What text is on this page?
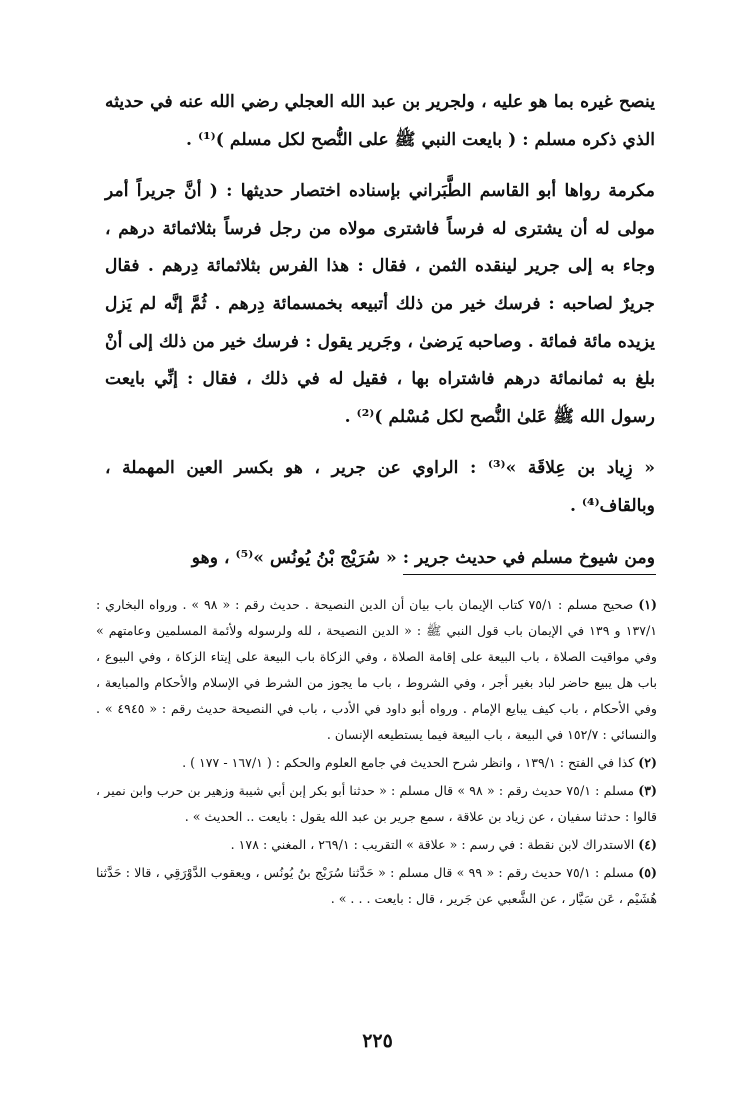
ينصح غيره بما هو عليه ، ولجرير بن عبد الله العجلي رضي الله عنه في حديثه الذي ذكره مسلم : ( بايعت النبي ﷺ على النُّصح لكل مسلم )⁽¹⁾ .

مكرمة رواها أبو القاسم الطَّبَراني بإسناده اختصار حديثها : ( أنَّ جريراً أمر مولى له أن يشترى له فرساً فاشترى مولاه من رجل فرساً بثلاثمائة درهم ، وجاء به إلى جرير لينقده الثمن ، فقال : هذا الفرس بثلاثمائة دِرهم . فقال جريرٌ لصاحبه : فرسك خير من ذلك أتبيعه بخمسمائة دِرهم . ثُمَّ إنَّه لم يَزل يزيده مائة فمائة . وصاحبه يَرضىٰ ، وجَرير يقول : فرسك خير من ذلك إلى أنْ بلغ به ثمانمائة درهم فاشتراه بها ، فقيل له في ذلك ، فقال : إنِّي بايعت رسول الله ﷺ عَلىٰ النُّصح لكل مُسْلم )⁽²⁾ .

« زِياد بن عِلاقَة »⁽³⁾ : الراوي عن جرير ، هو بكسر العين المهملة ، وبالقاف⁽⁴⁾ .

ومن شيوخ مسلم في حديث جرير : « سُرَيْج بْنُ يُونُس »⁽⁵⁾ ، وهو

(١) صحيح مسلم : ٧٥/١ كتاب الإيمان باب بيان أن الدين النصيحة . حديث رقم : « ٩٨ » . ورواه البخاري : ١٣٧/١ و ١٣٩ في الإيمان باب قول النبي ﷺ : « الدين النصيحة ، لله ولرسوله ولأئمة المسلمين وعامتهم » وفي مواقيت الصلاة ، باب البيعة على إقامة الصلاة ، وفي الزكاة باب البيعة على إيتاء الزكاة ، وفي البيوع ، باب هل يبيع حاضر لباد بغير أجر ، وفي الشروط ، باب ما يجوز من الشرط في الإسلام والأحكام والمبايعة ، وفي الأحكام ، باب كيف يبايع الإمام . ورواه أبو داود في الأدب ، باب في النصيحة حديث رقم : « ٤٩٤٥ » . والنسائي : ١٥٢/٧ في البيعة ، باب البيعة فيما يستطيعه الإنسان .

(٢) كذا في الفتح : ١٣٩/١ ، وانظر شرح الحديث في جامع العلوم والحكم : ( ١٦٧/١ - ١٧٧ ) .

(٣) مسلم : ٧٥/١ حديث رقم : « ٩٨ » قال مسلم : « حدثنا أبو بكر إبن أبي شيبة وزهير بن حرب وابن نمير ، قالوا : حدثنا سفيان ، عن زياد بن علاقة ، سمع جرير بن عبد الله يقول : بايعت .. الحديث » .

(٤) الاستدراك لابن نقطة : في رسم : « علاقة » التقريب : ٢٦٩/١ ، المغني : ١٧٨ .

(٥) مسلم : ٧٥/١ حديث رقم : « ٩٩ » قال مسلم : « حَدَّثنا سُرَيْج بنُ يُونُس ، ويعقوب الدَّوْرَقِي ، قالا : حَدَّثنا هُشَيْم ، عَن سَيَّار ، عن الشَّعبي عن جَرير ، قال : بايعت . . . » .

٢٢٥
